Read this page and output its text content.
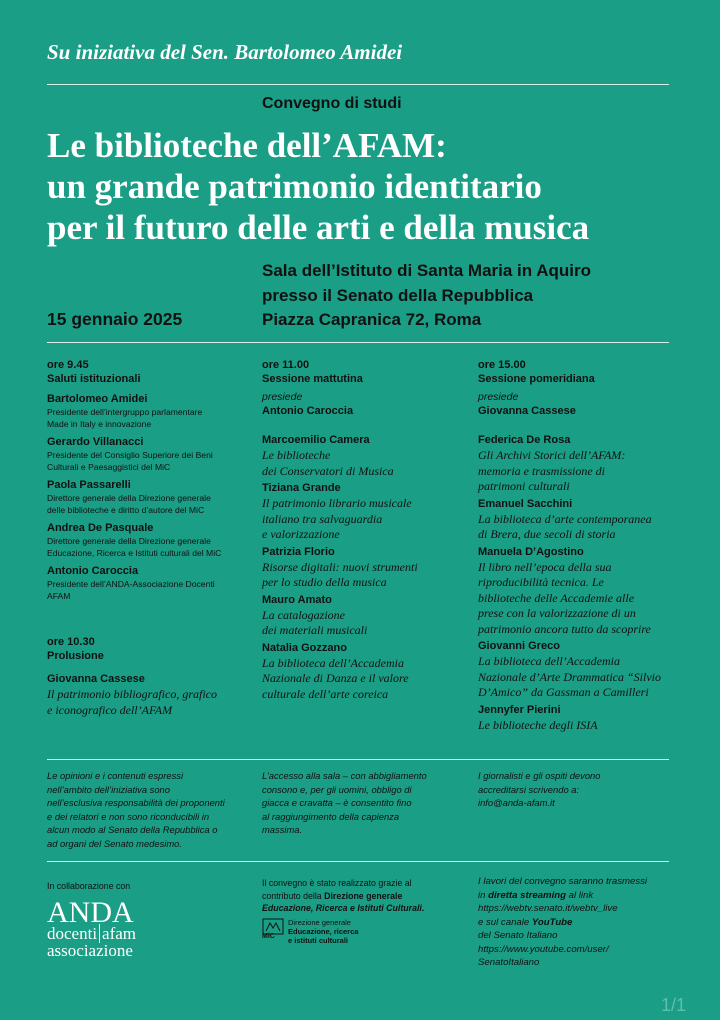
Su iniziativa del Sen. Bartolomeo Amidei
Convegno di studi
Le biblioteche dell’AFAM:
un grande patrimonio identitario
per il futuro delle arti e della musica
Sala dell’Istituto di Santa Maria in Aquiro
presso il Senato della Repubblica
Piazza Capranica 72, Roma
15 gennaio 2025
ore 9.45
Saluti istituzionali
Bartolomeo Amidei
Presidente dell’intergruppo parlamentare
Made in Italy e innovazione
Gerardo Villanacci
Presidente del Consiglio Superiore dei Beni
Culturali e Paesaggistici del MiC
Paola Passarelli
Direttore generale della Direzione generale
delle biblioteche e diritto d’autore del MiC
Andrea De Pasquale
Direttore generale della Direzione generale
Educazione, Ricerca e Istituti culturali del MiC
Antonio Caroccia
Presidente dell’ANDA-Associazione Docenti
AFAM
ore 10.30
Prolusione
Giovanna Cassese
Il patrimonio bibliografico, grafico
e iconografico dell’AFAM
ore 11.00
Sessione mattutina
presiede
Antonio Caroccia
Marcoemilio Camera
Le biblioteche
dei Conservatori di Musica
Tiziana Grande
Il patrimonio librario musicale
italiano tra salvaguardia
e valorizzazione
Patrizia Florio
Risorse digitali: nuovi strumenti
per lo studio della musica
Mauro Amato
La catalogazione
dei materiali musicali
Natalia Gozzano
La biblioteca dell’Accademia
Nazionale di Danza e il valore
culturale dell’arte coreica
ore 15.00
Sessione pomeridiana
presiede
Giovanna Cassese
Federica De Rosa
Gli Archivi Storici dell’AFAM:
memoria e trasmissione di
patrimoni culturali
Emanuel Sacchini
La biblioteca d’arte contemporanea
di Brera, due secoli di storia
Manuela D’Agostino
Il libro nell’epoca della sua
riproducibilità tecnica. Le
biblioteche delle Accademie alle
prese con la valorizzazione di un
patrimonio ancora tutto da scoprire
Giovanni Greco
La biblioteca dell’Accademia
Nazionale d’Arte Drammatica “Silvio
D’Amico” da Gassman a Camilleri
Jennyfer Pierini
Le biblioteche degli ISIA
Le opinioni e i contenuti espressi
nell’ambito dell’iniziativa sono
nell’esclusiva responsabilità dei proponenti
e dei relatori e non sono riconducibili in
alcun modo al Senato della Repubblica o
ad organi del Senato medesimo.
L’accesso alla sala – con abbigliamento
consono e, per gli uomini, obbligo di
giacca e cravatta – è consentito fino
al raggiungimento della capienza
massima.
I giornalisti e gli ospiti devono
accreditarsi scrivendo a:
info@anda-afam.it
In collaborazione con
ANDA
docenti afam
associazione
Il convegno è stato realizzato grazie al
contributo della Direzione generale
Educazione, Ricerca e Istituti Culturali.
Direzione generale
Educazione, ricerca
e istituti culturali
MiC
I lavori del convegno saranno trasmessi
in diretta streaming al link
https://webtv.senato.it/webtv_live
e sul canale YouTube
del Senato Italiano
https://www.youtube.com/user/
SenatoItaliano
1/1
